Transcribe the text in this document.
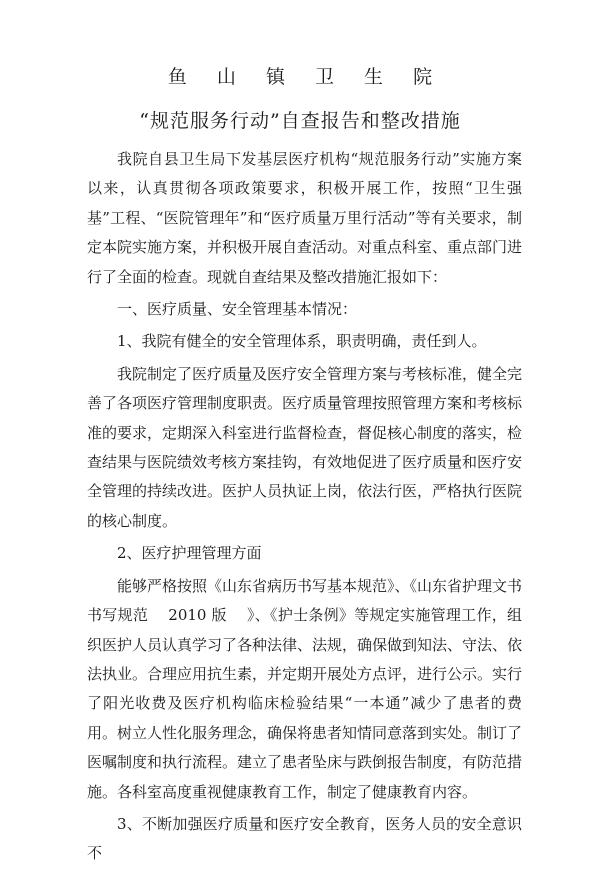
鱼 山 镇 卫 生 院
“规范服务行动”自查报告和整改措施

我院自县卫生局下发基层医疗机构“规范服务行动”实施方案以来，认真贯彻各项政策要求，积极开展工作，按照“卫生强基”工程、“医院管理年”和“医疗质量万里行活动”等有关要求，制定本院实施方案，并积极开展自查活动。对重点科室、重点部门进行了全面的检查。现就自查结果及整改措施汇报如下：

一、医疗质量、安全管理基本情况：

1、我院有健全的安全管理体系，职责明确，责任到人。

我院制定了医疗质量及医疗安全管理方案与考核标准，健全完善了各项医疗管理制度职责。医疗质量管理按照管理方案和考核标准的要求，定期深入科室进行监督检查，督促核心制度的落实，检查结果与医院绩效考核方案挂钩，有效地促进了医疗质量和医疗安全管理的持续改进。医护人员执证上岗，依法行医，严格执行医院的核心制度。

2、医疗护理管理方面

能够严格按照《山东省病历书写基本规范》、《山东省护理文书书写规范    2010 版    》、《护士条例》等规定实施管理工作，组织医护人员认真学习了各种法律、法规，确保做到知法、守法、依法执业。合理应用抗生素，并定期开展处方点评，进行公示。实行了阳光收费及医疗机构临床检验结果“一本通”减少了患者的费用。树立人性化服务理念，确保将患者知情同意落到实处。制订了医嘱制度和执行流程。建立了患者坠床与跌倒报告制度，有防范措施。各科室高度重视健康教育工作，制定了健康教育内容。

3、不断加强医疗质量和医疗安全教育，医务人员的安全意识不
